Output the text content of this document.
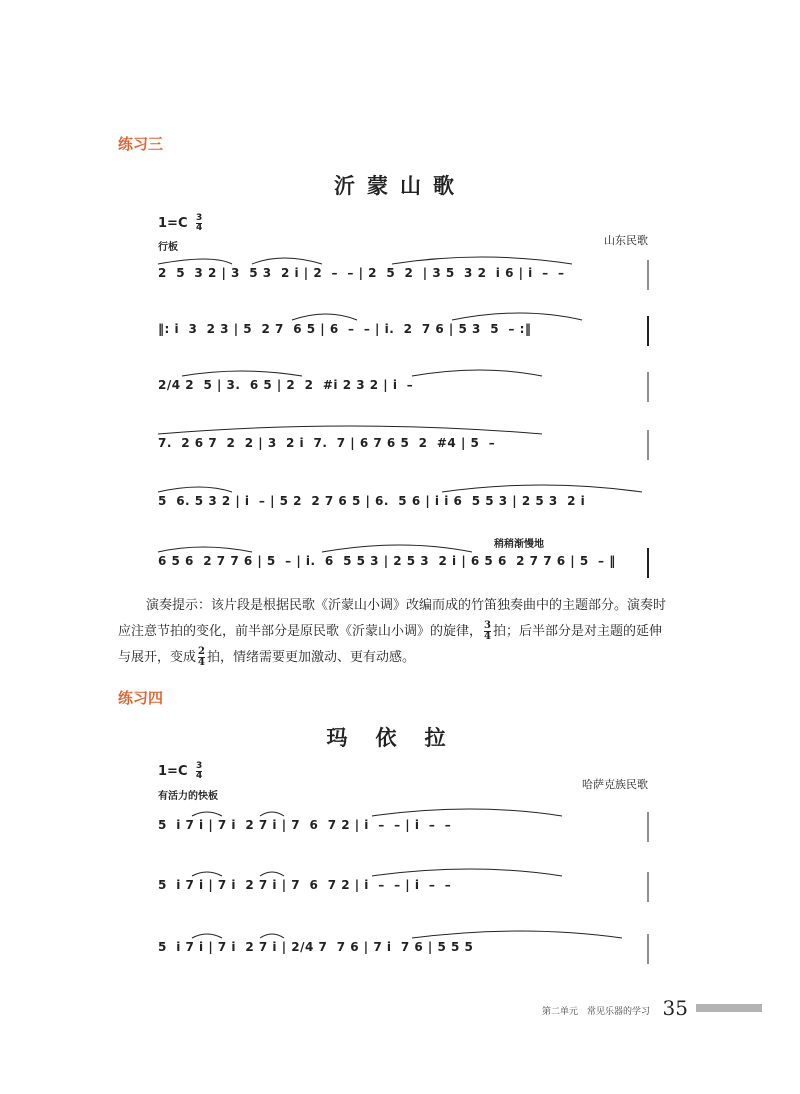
练习三
沂蒙山歌
$1=C \frac{3}{4}$
行板
山东民歌
稍稍渐慢地
2  5  3 2 | 3  5 3  2 i | 2  –  – | 2  5  2  | 3 5  3 2  i 6 | i  –  –
‖: i  3  2 3 | 5  2 7  6 5 | 6  –  – | i.  2  7 6 | 5 3  5  – :‖
2/4 2  5 | 3.  6 5 | 2  2  #i 2 3 2 | i  –
7.  2 6 7  2  2 | 3  2 i  7.  7 | 6 7 6 5  2  #4 | 5  –
5  6. 5 3 2 | i  – | 5 2  2 7 6 5 | 6.  5 6 | i i 6  5 5 3 | 2 5 3  2 i
6 5 6  2 7 7 6 | 5  – | i.  6  5 5 3 | 2 5 3  2 i | 6 5 6  2 7 7 6 | 5  – ‖
演奏提示：该片段是根据民歌《沂蒙山小调》改编而成的竹笛独奏曲中的主题部分。演奏时
应注意节拍的变化，前半部分是原民歌《沂蒙山小调》的旋律， $\frac{3}{4}$ 拍；后半部分是对主题的延伸
与展开，变成 $\frac{2}{4}$ 拍，情绪需要更加激动、更有动感。
练习四
玛依拉
$1=C \frac{3}{4}$
哈萨克族民歌
有活力的快板
5  i 7 i | 7 i  2 7 i | 7  6  7 2 | i  –  – | i  –  –
5  i 7 i | 7 i  2 7 i | 7  6  7 2 | i  –  – | i  –  –
5  i 7 i | 7 i  2 7 i | 2/4 7  7 6 | 7 i  7 6 | 5 5 5
第二单元　常见乐器的学习 35
